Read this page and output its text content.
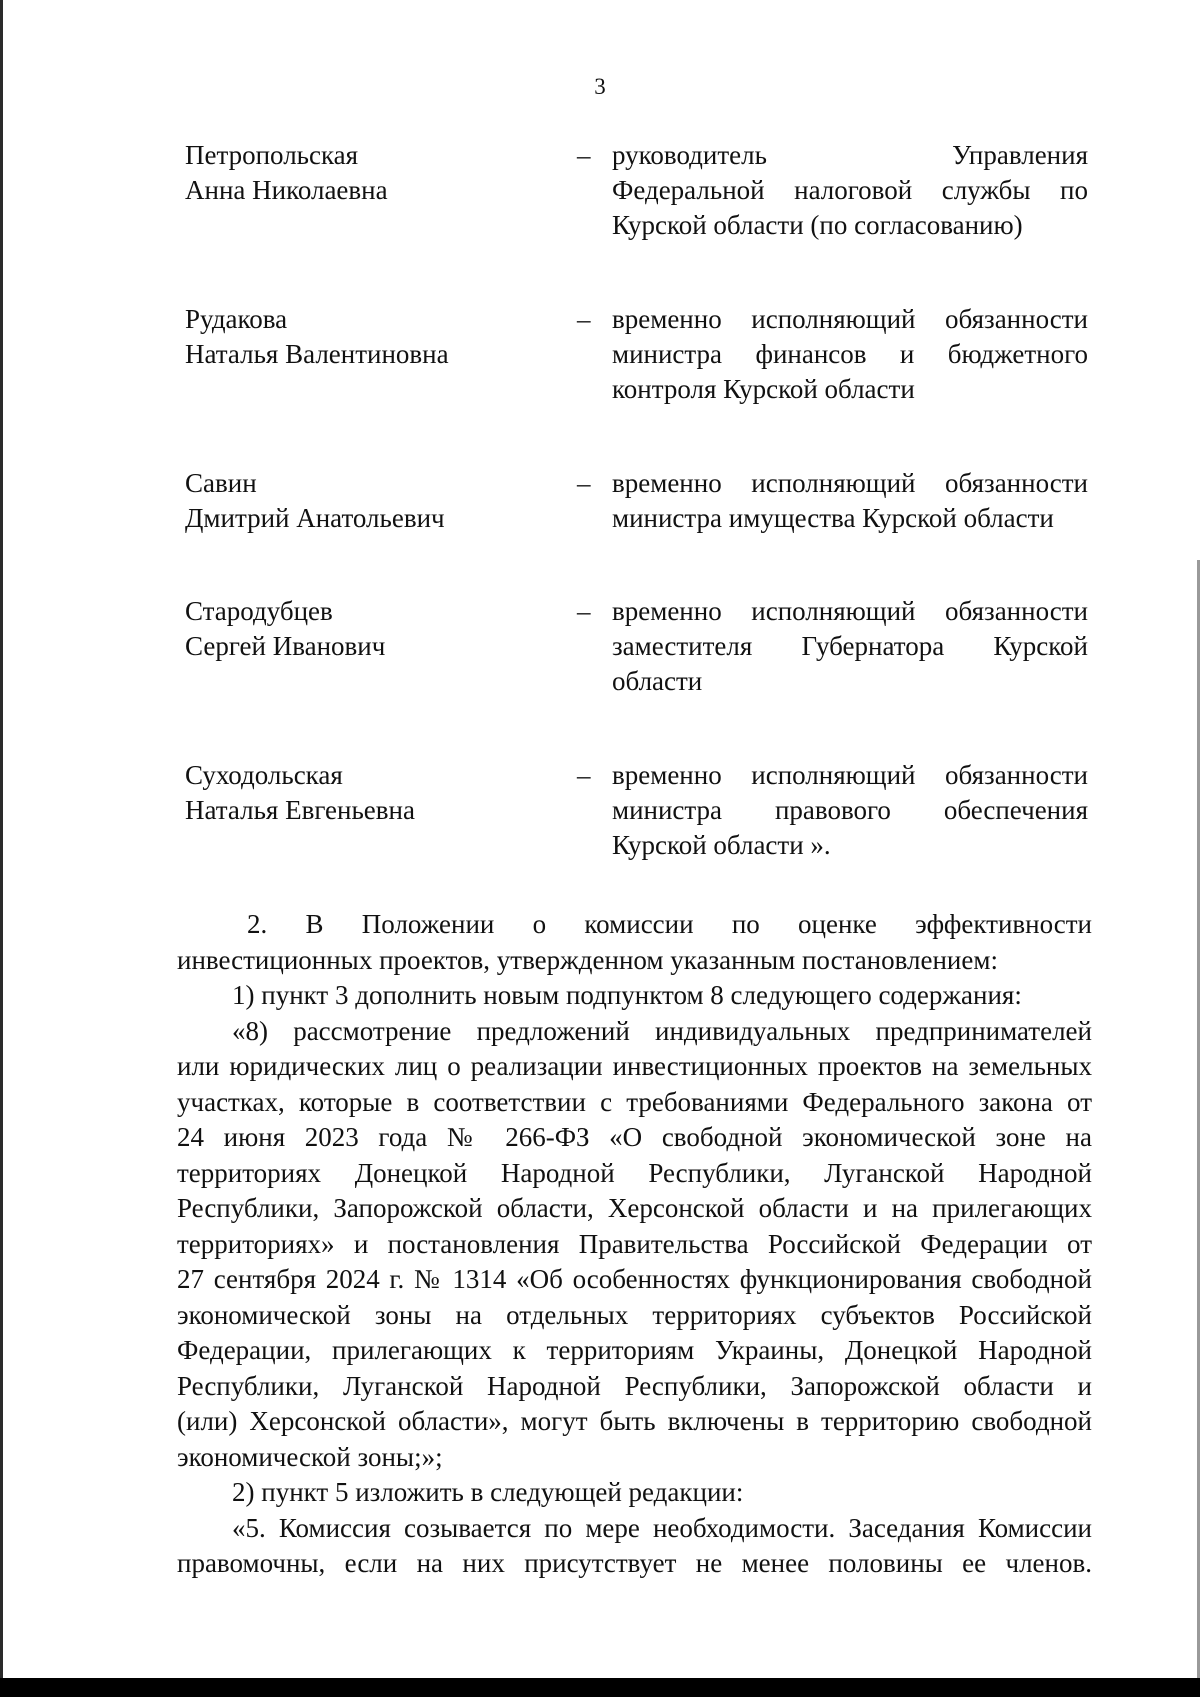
3
Петропольская
Анна Николаевна
– руководитель Управления
Федеральной налоговой службы по
Курской области (по согласованию)
Рудакова
Наталья Валентиновна
– временно исполняющий обязанности
министра финансов и бюджетного
контроля Курской области
Савин
Дмитрий Анатольевич
– временно исполняющий обязанности
министра имущества Курской области
Стародубцев
Сергей Иванович
– временно исполняющий обязанности
заместителя Губернатора Курской
области
Суходольская
Наталья Евгеньевна
– временно исполняющий обязанности
министра правового обеспечения
Курской области ».
2. В Положении о комиссии по оценке эффективности
инвестиционных проектов, утвержденном указанным постановлением:
1) пункт 3 дополнить новым подпунктом 8 следующего содержания:
«8) рассмотрение предложений индивидуальных предпринимателей
или юридических лиц о реализации инвестиционных проектов на земельных
участках, которые в соответствии с требованиями Федерального закона от
24 июня 2023 года № 266-ФЗ «О свободной экономической зоне на
территориях Донецкой Народной Республики, Луганской Народной
Республики, Запорожской области, Херсонской области и на прилегающих
территориях» и постановления Правительства Российской Федерации от
27 сентября 2024 г. № 1314 «Об особенностях функционирования свободной
экономической зоны на отдельных территориях субъектов Российской
Федерации, прилегающих к территориям Украины, Донецкой Народной
Республики, Луганской Народной Республики, Запорожской области и
(или) Херсонской области», могут быть включены в территорию свободной
экономической зоны;»;
2) пункт 5 изложить в следующей редакции:
«5. Комиссия созывается по мере необходимости. Заседания Комиссии
правомочны, если на них присутствует не менее половины ее членов.
